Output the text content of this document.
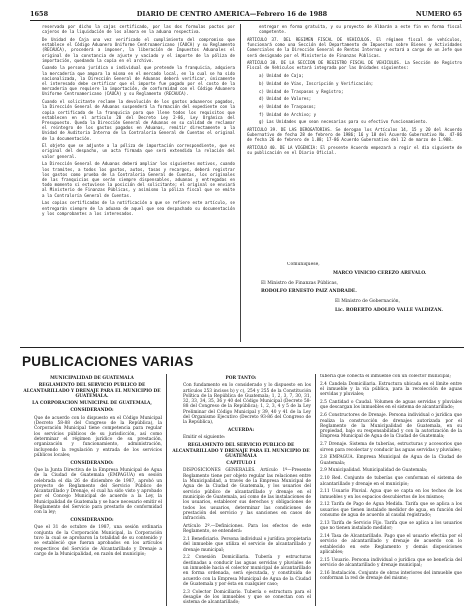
1658	DIARIO DE CENTRO AMERICA—Febrero 16 de 1988	NUMERO 65

reservada por dicho la cajas certificado, por las dos formulas pactos por cajeros de la liquidación de los almora en la aduana respectiva.

De Unidad de Caja una vez verificado el cumplimiento del compromiso que establece el Código Aduanero Uniforme Centroamericano (CAUCA) y su Reglamento (RECAUCA), procederá a imponer, la liberación de Impuestos Aduanales el original de la constancia de ajuste y vaciado y el importe de la póliza de importación, quedando la copia en el archivo.

Cuando la persona jurídica o individual que pretende la franquicia, adquiera la mercadería que ampara la misma en el mercado local, en la cual se ha sido nacionalizada, la Dirección General de Aduanas deberá verificar, únicamente el interesado debe certificar que el importe fue pagado por el costo de la mercadería que requiere la importación, de conformidad con el Código Aduanero Uniforme Centroamericano (CAUCA) y su Reglamento (RECAUCA).

Cuando el solicitante reclame la devolución de los gastos aduaneros pagados, la Dirección General de Aduanas suspenderá la formación del expediente con la copia certificada de la franquicia para que llene todos los requisitos que establecen en el artículo 20 del Decreto Ley 2-86, Ley Orgánica del Presupuesto. Queda la Dirección General de Aduanas en su calidad de reclamar el reintegro de los gastos pagados en Aduanas, remitir directamente a la Unidad de Auditoría Interna de la Contraloría General de Cuentas el original de la documentación.

El objeto que se adjunte a la póliza de importación correspondiente, que es original del despacho, un acta firmada que será extendida la relación del valor general.

La Dirección General de Aduanas deberá ampliar los siguientes motivos, cuando los tramites, a todos los gastos, autos, tasas y recargos, deberá registrar los gastos como prueba de la Contraloría General de Cuentas, los originales de las franquicias que serán siempre dispensables, aduanas y entregadas en todo momento si estuviese la posición del solicitante; el original se enviará al Ministerio de Finanzas Públicas, y asimismo la póliza fiscal que se emite a la Contraloría General de Cuentas.

Las copias certificadas de la notificación a que se refiere este artículo, se entregarán siempre de la aduana de aquel que sea despachado su documentación y los comprobantes a los interesados.

entregar en forma gratuita, y su proyecto de Albarán a este fin en forma fiscal competente.

ARTICULO 37. DEL REGIMEN FISCAL DE VEHICULOS. El régimen fiscal de vehículos, funcionará como una Sección del Departamento de Impuestos sobre Bienes y Actividades Comerciales de la Dirección General de Rentas Internas y estará a cargo de un Jefe que será designado por el Ministerio de Finanzas Públicas.

ARTICULO 38. DE LA SECCION DE REGISTRO FISCAL DE VEHICULOS. La Sección de Registro Fiscal de Vehículos estará integrada por las Unidades siguientes:

a) Unidad de Caja;

b) Unidad de Vías, Inscripción y Verificación;

c) Unidad de Traspasos y Registro;

d) Unidad de Valores;

e) Unidad de Traspasos;

f) Unidad de Archivo; y

g) Las Unidades que sean necesarias para su efectivo funcionamiento.

ARTICULO 39. DE LAS DEROGATORIAS. Se derogan los Artículos 14, 15 y 20 del Acuerdo Gubernativo de fecha 28 de febrero de 1986; 16 y 18 del Acuerdo Gubernativo No. 47-86 de fecha 26 de febrero de 1.88; 17-86 Acuerdo Gubernativo del 12 de marzo de 1.988.

ARTICULO 40. DE LA VIGENCIA: El presente Acuerdo empezará a regir el día siguiente de su publicación en el Diario Oficial.

Comuníquese,

MARCO VINICIO CEREZO AREVALO.

El Ministro de Finanzas Públicas,

RODOLFO ERNESTO PAIZ ANDRADE.

El Ministro de Gobernación,

Lic. ROBERTO ADOLFO VALLE VALDIZAN.

PUBLICACIONES VARIAS

MUNICIPALIDAD DE GUATEMALA

REGLAMENTO DEL SERVICIO PUBLICO DE ALCANTARILLADO Y DRENAJE PARA EL MUNICIPIO DE GUATEMALA.

LA CORPORACION MUNICIPAL DE GUATEMALA,

CONSIDERANDO:

Que de acuerdo con lo dispuesto en el Código Municipal (Decreto 58-88 del Congreso de la República), la Corporación Municipal tiene competencia para regular los servicios públicos de su jurisdicción, así como determinar el régimen jurídico de su prestación, organización y funcionamiento, administración, incluyendo la regulación y entrada de los servicios públicos locales;

CONSIDERANDO:

Que la Junta Directiva de la Empresa Municipal de Agua de la Ciudad de Guatemala (EMPAGUA) en sesión celebrada el día 26 de diciembre de 1987, aprobó un proyecto de Reglamento del Servicio Público de Alcantarillado y Drenaje, el cual ha sido visto y aprobado por el Concejo Municipal de acuerdo a la Ley, la Municipalidad de Guatemala y se hace necesario emitir el Reglamento del Servicio para prestarlo de conformidad con la ley;

CONSIDERANDO:

Que el 31 de octubre de 1987, una sesión ordinaria conjunta de la Corporación Municipal, la Corporación tuvo la cual se aprobaron la totalidad de su contenido y se estableció que fueran aprobados en los artículos respectivos del Servicio de Alcantarillado y Drenaje a cargo de la Municipalidad, en razón del municipio;

POR TANTO:

Con fundamento en lo considerado y lo dispuesto en los artículos 253 incisos b) y c), 254 y 255 de la Constitución Política de la República de Guatemala; 1, 2, 3, 7, 30, 31, 32, 33, 34, 35, 36 y 40 del Código Municipal (Decreto 58-88 del Congreso de la República); 1, 2, 3, 4 y 5 de la Ley Preliminar del Código Municipal y 39, 40 y 41 de la Ley del Organismo Ejecutivo (Decreto 93-86 del Congreso de la República),

ACUERDA:

Emitir el siguiente:

REGLAMENTO DEL SERVICIO PUBLICO DE ALCANTARILLADO Y DRENAJE PARA EL MUNICIPIO DE GUATEMALA

CAPITULO I

DISPOSICIONES GENERALES. Artículo 1º—Presente Reglamento tiene por objeto regular las relaciones entre la Municipalidad, a través de la Empresa Municipal de Agua de la Ciudad de Guatemala, y los usuarios del servicio público de alcantarillado y drenaje en el municipio de Guatemala, así como de las instalaciones de los usuarios, establecer sus derechos y obligaciones de todos los usuarios, determinar las condiciones de prestación del servicio y las sanciones en casos de infracción.

Artículo 2º.—Definiciones. Para los efectos de este Reglamento, se entenderá:

2.1 Beneficiario. Persona individual o jurídica propietaria del inmueble que utiliza el servicio de alcantarillado y drenaje municipal;

2.2 Conexión Domiciliaria. Tubería y estructuras destinadas a conducir las aguas servidas y pluviales de un inmueble hacia el colector municipal de alcantarillado en forma ordenada, será ejecutada, y constituida de acuerdo con la Empresa Municipal de Agua de la Ciudad de Guatemala y por ésta en cualquier caso;

2.3 Colector Domiciliario. Tubería o estructura para el desagüe de los inmuebles y que se conectan con el sistema de alcantarillado;

tubería que conecta el inmueble con un colector municipal;

2.4 Candela Domiciliaria. Estructura ubicada en el límite entre el inmueble y la vía pública, para la recolección de aguas servidas y pluviales;

2.5 Cantidad o Caudal. Volumen de aguas servidas y pluviales que descargan los inmuebles en el sistema de alcantarillado;

2.6 Constructores de Drenaje. Persona individual o jurídica que realiza la construcción de drenajes autorizada por el Reglamento de la Municipalidad de Guatemala, en su propiedad, bajo su responsabilidad y con la autorización de la Empresa Municipal de Agua de la Ciudad de Guatemala;

2.7 Drenaje. Sistema de tuberías, estructuras y accesorios que sirven para recolectar y conducir las aguas servidas y pluviales;

2.8 EMPAGUA. Empresa Municipal de Agua de la Ciudad de Guatemala;

2.9 Municipalidad. Municipalidad de Guatemala;

2.10 Red. Conjunto de tuberías que conforman el sistema de alcantarillado y drenaje en el municipio;

2.11 Usuario Pluvial. Agua que se capta en los techos de los inmuebles y en los espacios descubiertos de los mismos;

2.12 Tarifa de Pago de Agua Medida. Tarifa que se aplica a los usuarios que tienen instalado medidor de agua, en función del consumo de agua de acuerdo al caudal registrado;

2.13 Tarifa de Servicio Fijo. Tarifa que se aplica a los usuarios que no tienen instalado medidor;

2.14 Tasa de Alcantarillado. Pago que el usuario efectúa por el servicio de alcantarillado y drenaje de acuerdo con lo establecido en este Reglamento y demás disposiciones aplicables;

2.15 Usuario. Persona individual o jurídica que se beneficia del servicio de alcantarillado y drenaje municipal;

2.16 Instalación. Conjunto de obras interiores del inmueble que conforman la red de drenaje del mismo;
